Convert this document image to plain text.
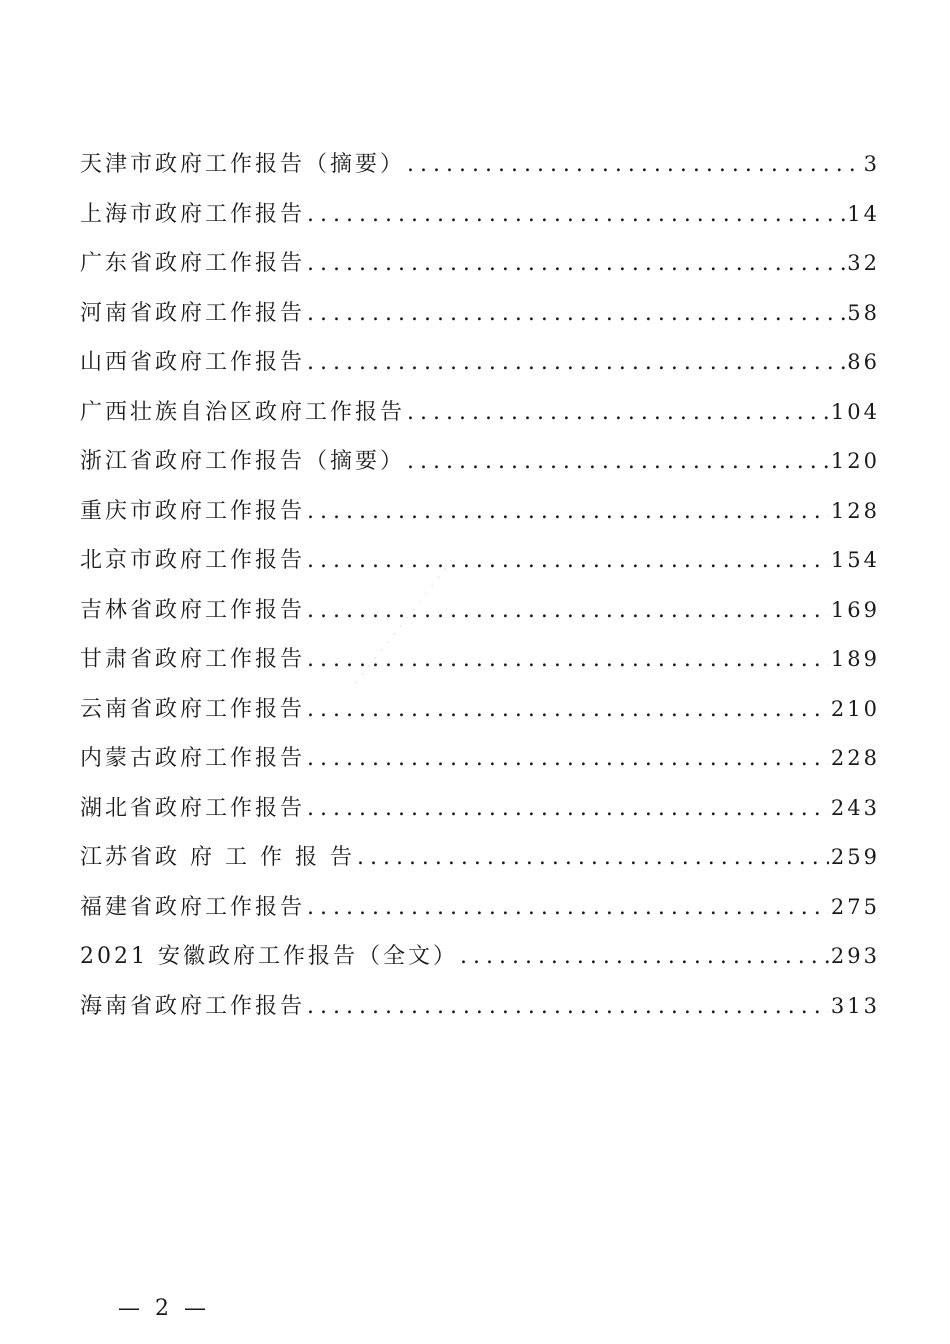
· · · · · · · · · · · · · · · ·
天津市政府工作报告（摘要） .....	3
上海市政府工作报告 .....	14
广东省政府工作报告 .....	32
河南省政府工作报告 .....	58
山西省政府工作报告 .....	86
广西壮族自治区政府工作报告 .....	104
浙江省政府工作报告（摘要） .....	120
重庆市政府工作报告 .....	128
北京市政府工作报告 .....	154
吉林省政府工作报告 .....	169
甘肃省政府工作报告 .....	189
云南省政府工作报告 .....	210
内蒙古政府工作报告 .....	228
湖北省政府工作报告 .....	243
江苏省政 府 工 作 报 告 .....	259
福建省政府工作报告 .....	275
2021 安徽政府工作报告（全文） .....	293
海南省政府工作报告 .....	313
— 2 —
